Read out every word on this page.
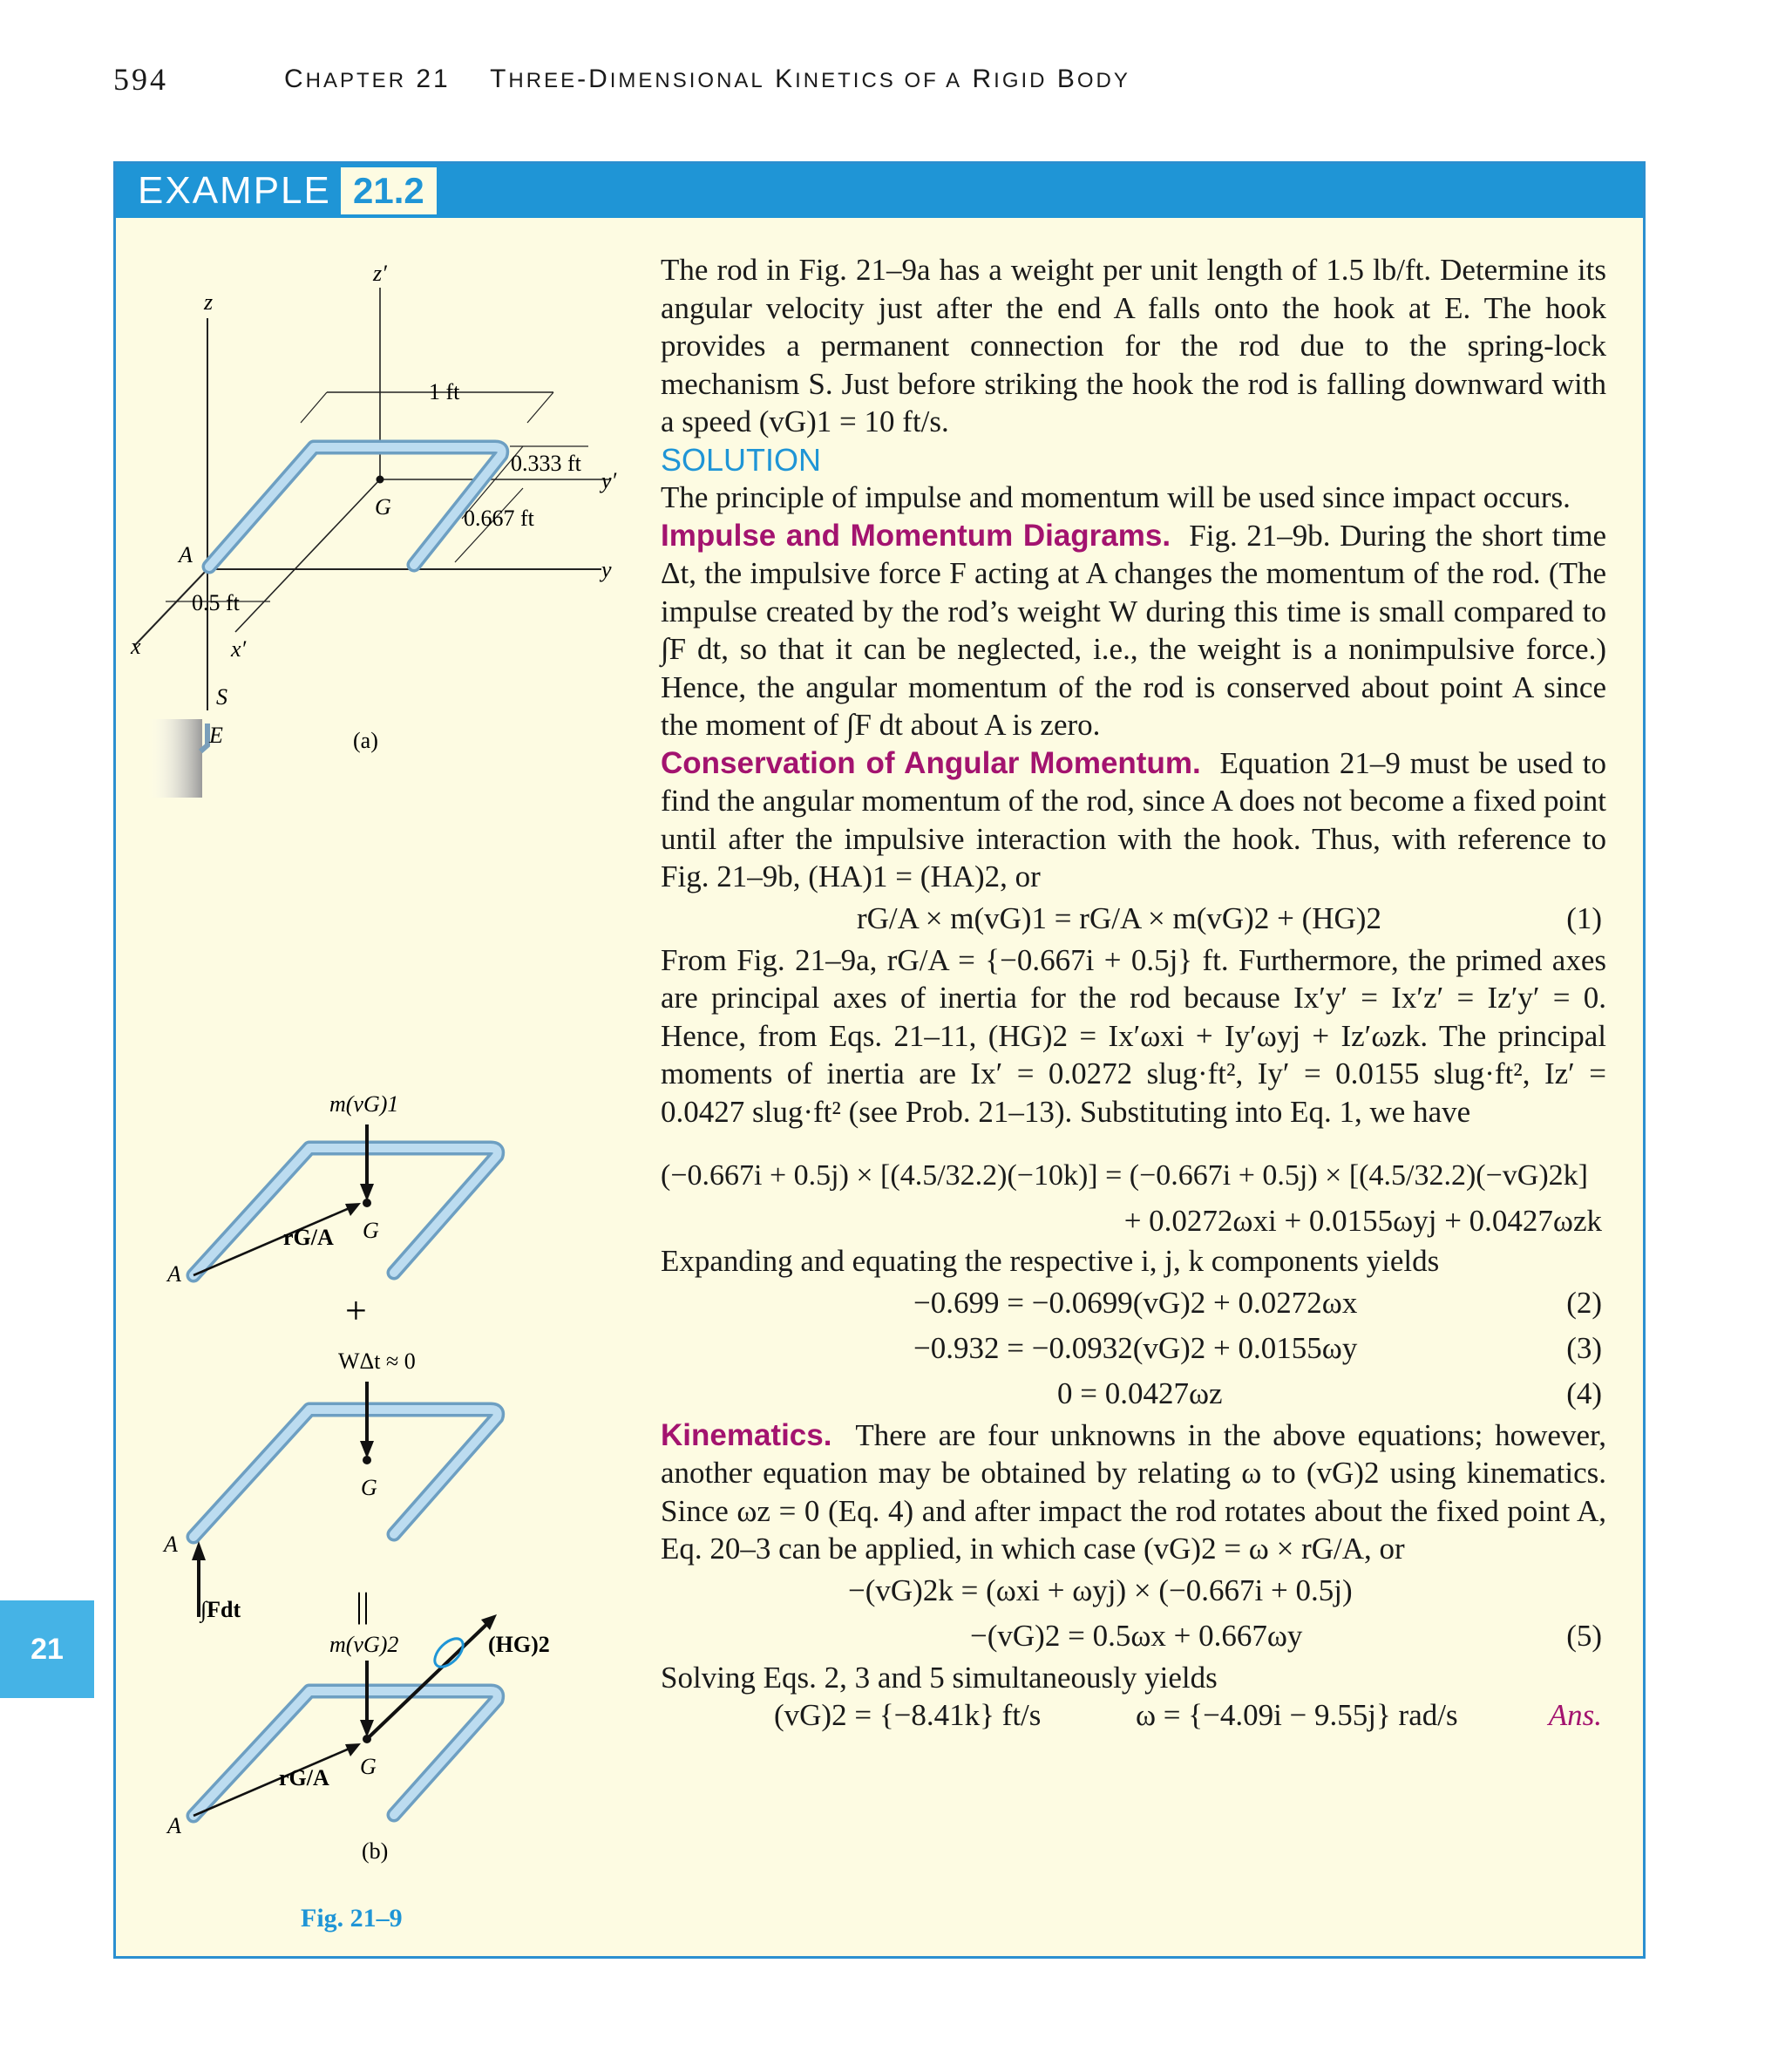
594	CHAPTER 21    THREE-DIMENSIONAL KINETICS OF A RIGID BODY
21
EXAMPLE 21.2
z
z′
1 ft
0.333 ft
y′
G	0.667 ft
A
y
0.5 ft
x	x′
S
E	(a)
m(vG)1
G
rG/A
A
+
WΔt ≈ 0
G
A
∫Fdt	||
m(vG)2	(HG)2
G
rG/A
A
(b)
Fig. 21–9

The rod in Fig. 21–9a has a weight per unit length of 1.5 lb/ft. Determine its angular velocity just after the end A falls onto the hook at E. The hook provides a permanent connection for the rod due to the spring-lock mechanism S. Just before striking the hook the rod is falling downward with a speed (vG)1 = 10 ft/s.

SOLUTION

The principle of impulse and momentum will be used since impact occurs.

Impulse and Momentum Diagrams. Fig. 21–9b. During the short time Δt, the impulsive force F acting at A changes the momentum of the rod. (The impulse created by the rod’s weight W during this time is small compared to ∫F dt, so that it can be neglected, i.e., the weight is a nonimpulsive force.) Hence, the angular momentum of the rod is conserved about point A since the moment of ∫F dt about A is zero.

Conservation of Angular Momentum. Equation 21–9 must be used to find the angular momentum of the rod, since A does not become a fixed point until after the impulsive interaction with the hook. Thus, with reference to Fig. 21–9b, (HA)1 = (HA)2, or

rG/A × m(vG)1 = rG/A × m(vG)2 + (HG)2	(1)

From Fig. 21–9a, rG/A = {−0.667i + 0.5j} ft. Furthermore, the primed axes are principal axes of inertia for the rod because Ix′y′ = Ix′z′ = Iz′y′ = 0. Hence, from Eqs. 21–11, (HG)2 = Ix′ωxi + Iy′ωyj + Iz′ωzk. The principal moments of inertia are Ix′ = 0.0272 slug·ft², Iy′ = 0.0155 slug·ft², Iz′ = 0.0427 slug·ft² (see Prob. 21–13). Substituting into Eq. 1, we have

(−0.667i + 0.5j) × [(4.5/32.2)(−10k)] = (−0.667i + 0.5j) × [(4.5/32.2)(−vG)2k]
+ 0.0272ωxi + 0.0155ωyj + 0.0427ωzk

Expanding and equating the respective i, j, k components yields

−0.699 = −0.0699(vG)2 + 0.0272ωx	(2)
−0.932 = −0.0932(vG)2 + 0.0155ωy	(3)
0 = 0.0427ωz	(4)

Kinematics. There are four unknowns in the above equations; however, another equation may be obtained by relating ω to (vG)2 using kinematics. Since ωz = 0 (Eq. 4) and after impact the rod rotates about the fixed point A, Eq. 20–3 can be applied, in which case (vG)2 = ω × rG/A, or

−(vG)2k = (ωxi + ωyj) × (−0.667i + 0.5j)
−(vG)2 = 0.5ωx + 0.667ωy	(5)

Solving Eqs. 2, 3 and 5 simultaneously yields

(vG)2 = {−8.41k} ft/s	ω = {−4.09i − 9.55j} rad/s	Ans.
